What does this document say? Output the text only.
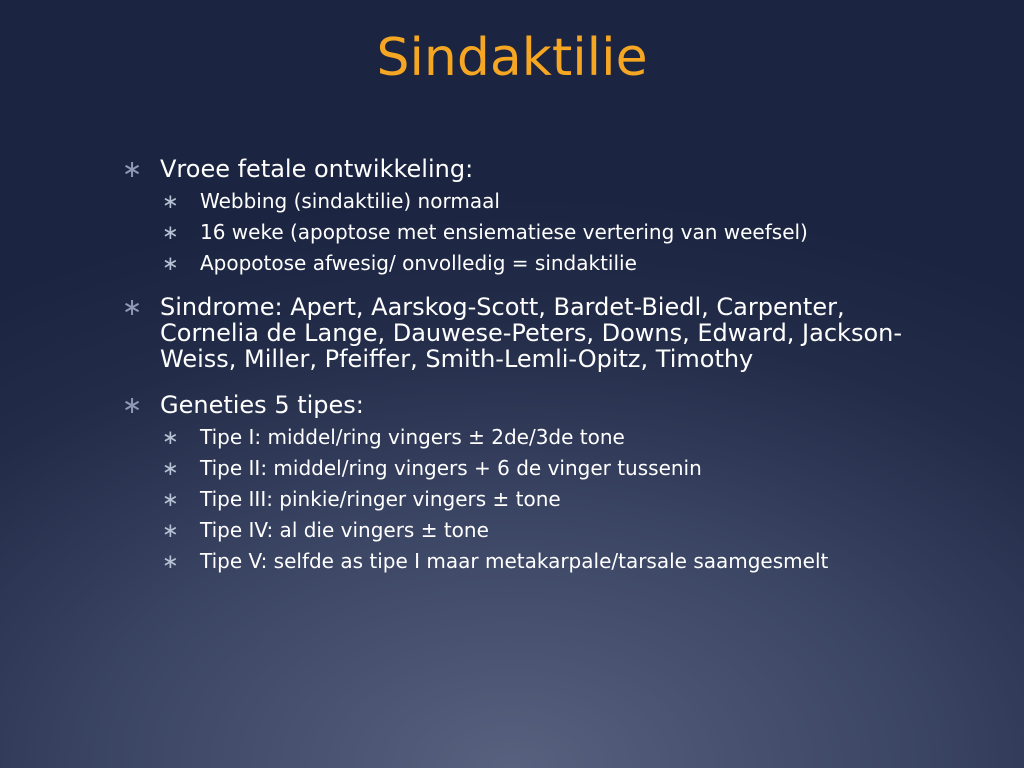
Sindaktilie
∗ Vroee fetale ontwikkeling:
∗ Webbing (sindaktilie) normaal
∗ 16 weke (apoptose met ensiematiese vertering van weefsel)
∗ Apopotose afwesig/ onvolledig = sindaktilie
∗ Sindrome: Apert, Aarskog-Scott, Bardet-Biedl, Carpenter, Cornelia de Lange, Dauwese-Peters, Downs, Edward, Jackson-Weiss, Miller, Pfeiffer, Smith-Lemli-Opitz, Timothy
∗ Geneties 5 tipes:
∗ Tipe I: middel/ring vingers ± 2de/3de tone
∗ Tipe II: middel/ring vingers + 6 de vinger tussenin
∗ Tipe III: pinkie/ringer vingers ± tone
∗ Tipe IV: al die vingers ± tone
∗ Tipe V: selfde as tipe I maar metakarpale/tarsale saamgesmelt
